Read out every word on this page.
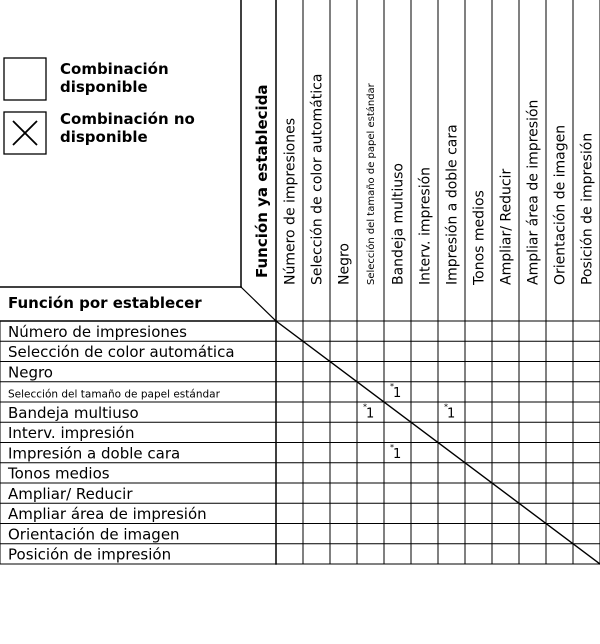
Combinación
disponible
Combinación no
disponible	Función ya establecida
Función por establecer
Número de impresiones Selección de color automática Negro Selección del tamaño de papel estándar Bandeja multiuso Interv. impresión Impresión a doble cara Tonos medios Ampliar/ Reducir Ampliar área de impresión Orientación de imagen Posición de impresión
Número de impresiones
Selección de color automática
Negro
Selección del tamaño de papel estándar
Bandeja multiuso
Interv. impresión
Impresión a doble cara
Tonos medios
Ampliar/ Reducir
Ampliar área de impresión
Orientación de imagen
Posición de impresión
* 1
* 1	* 1
* 1
